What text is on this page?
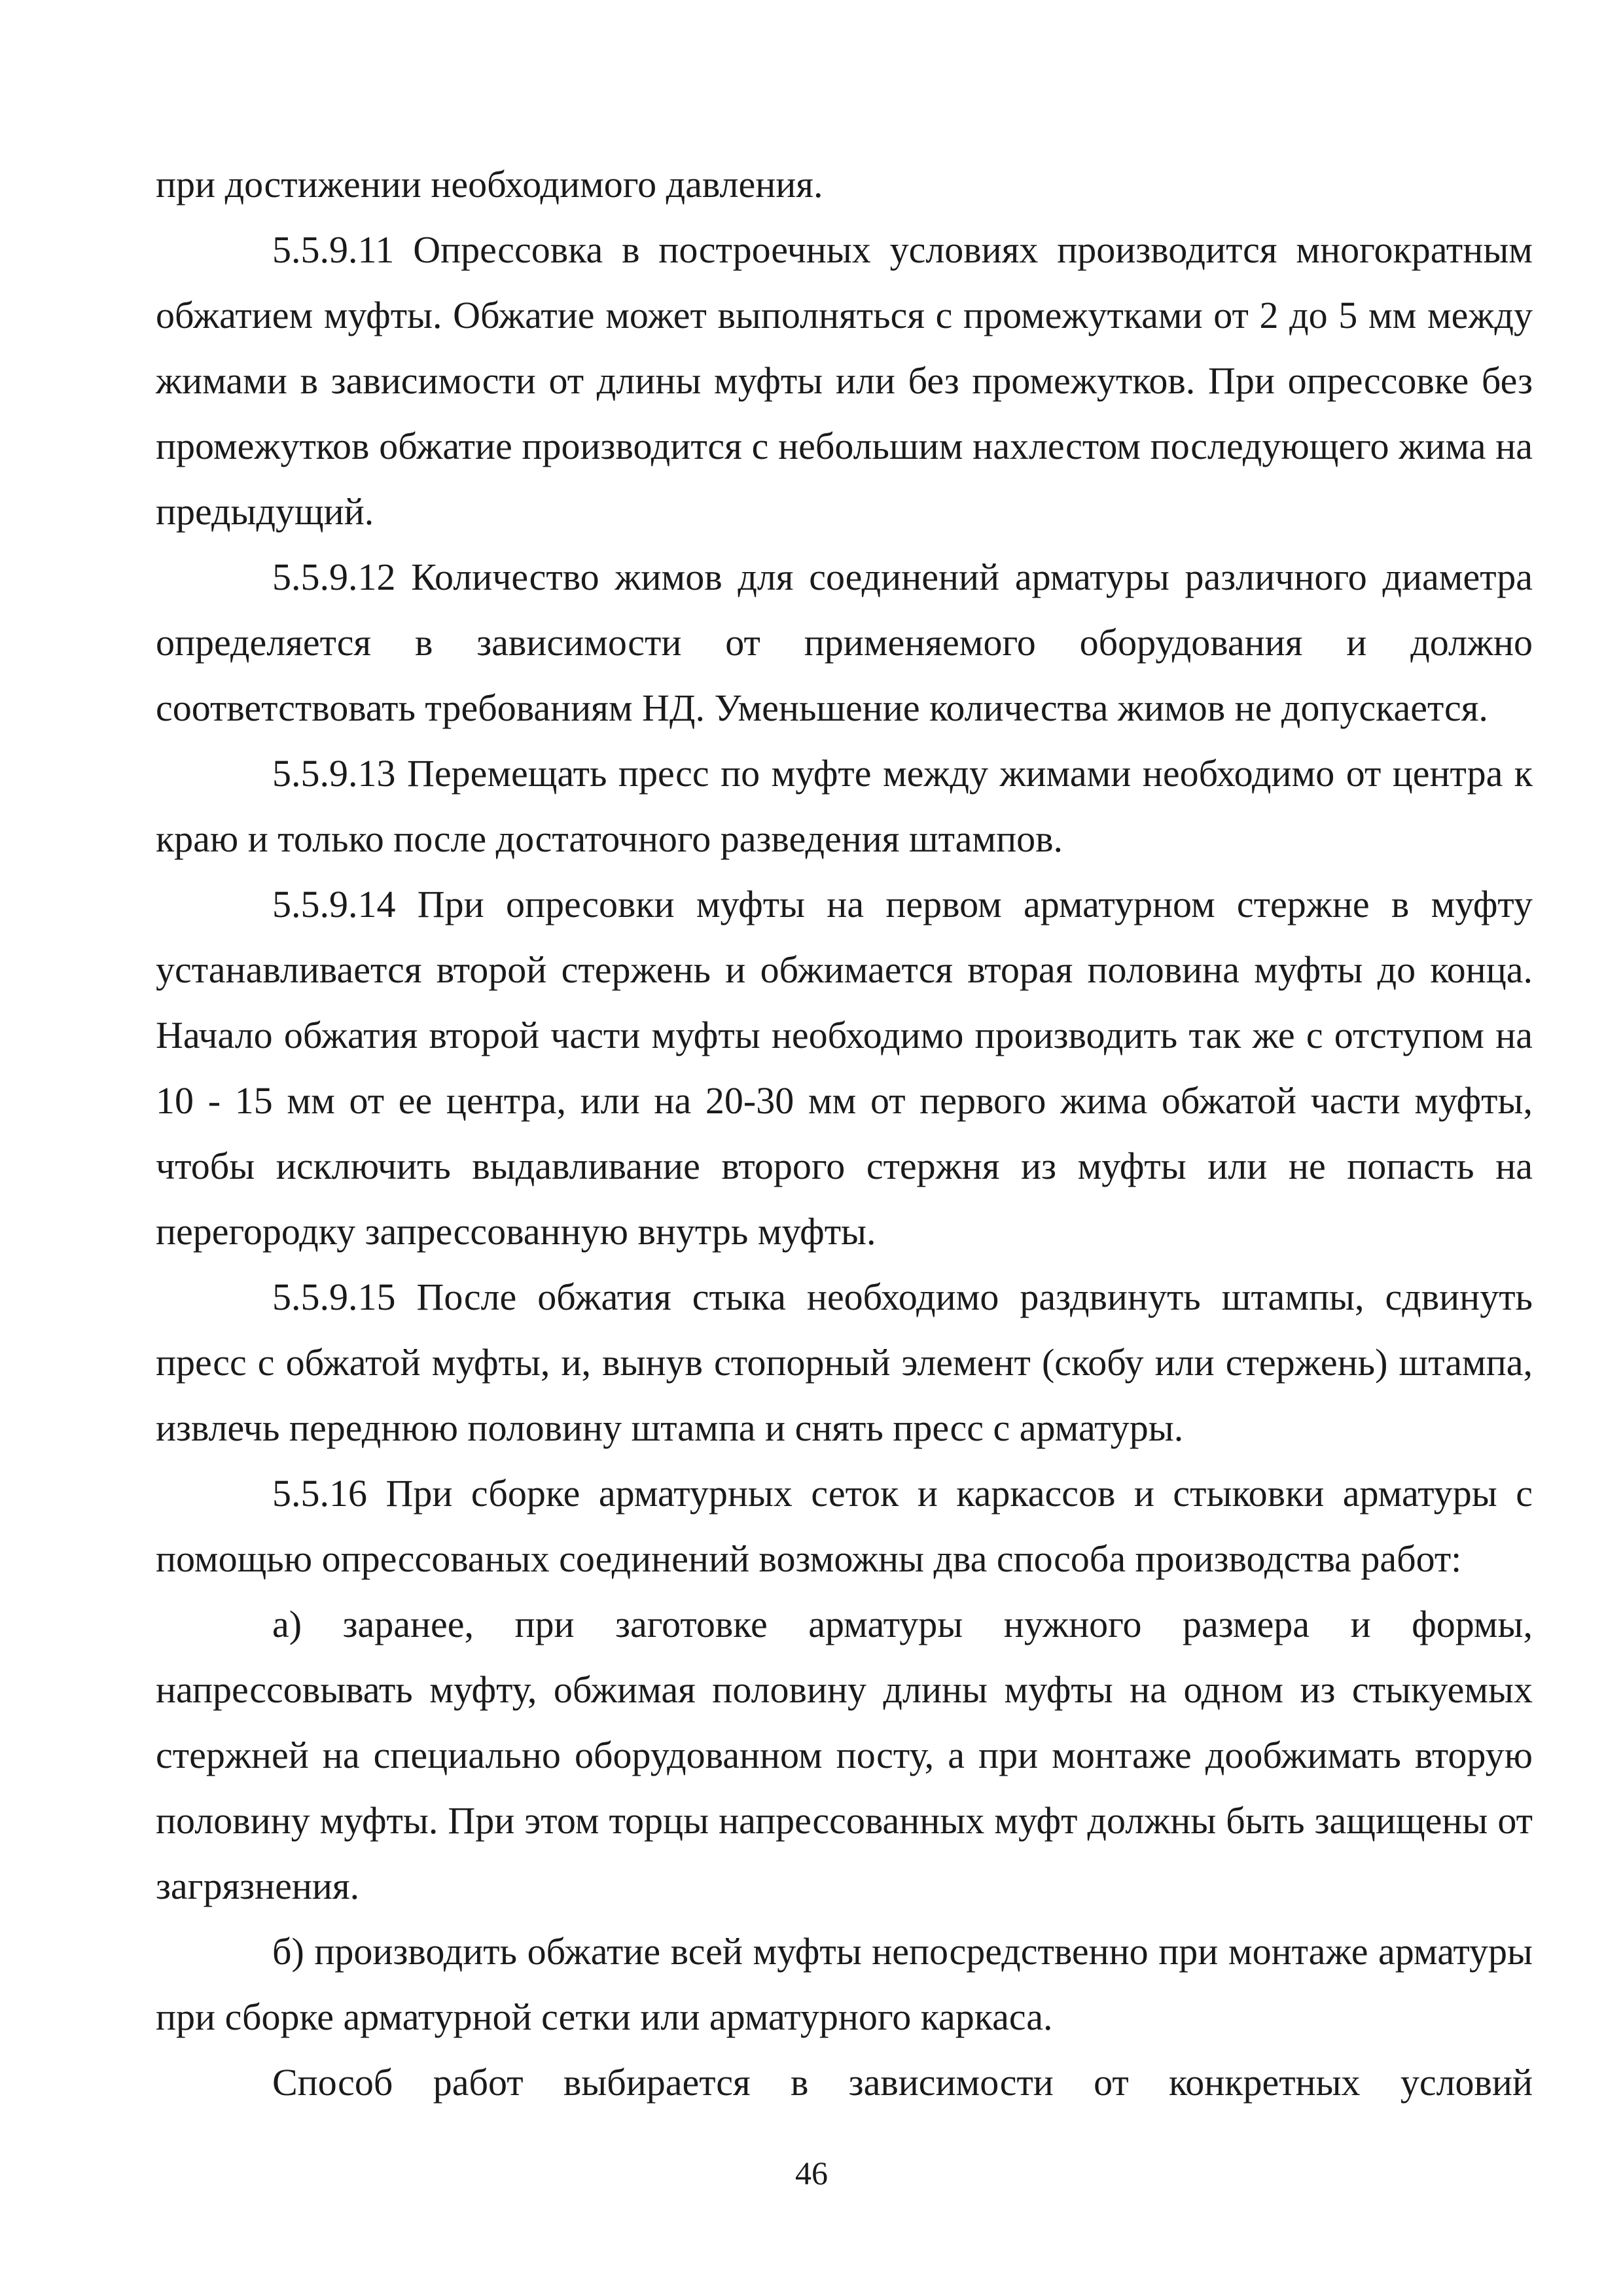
при достижении необходимого давления.

5.5.9.11 Опрессовка в построечных условиях производится многократным обжатием муфты. Обжатие может выполняться с промежутками от 2 до 5 мм между жимами в зависимости от длины муфты или без промежутков. При опрессовке без промежутков обжатие производится с небольшим нахлестом последующего жима на предыдущий.

5.5.9.12 Количество жимов для соединений арматуры различного диаметра определяется в зависимости от применяемого оборудования и должно соответствовать требованиям НД. Уменьшение количества жимов не допускается.

5.5.9.13 Перемещать пресс по муфте между жимами необходимо от центра к краю и только после достаточного разведения штампов.

5.5.9.14 При опресовки муфты на первом арматурном стержне в муфту устанавливается второй стержень и обжимается вторая половина муфты до конца. Начало обжатия второй части муфты необходимо производить так же с отступом на 10 - 15 мм от ее центра, или на 20-30 мм от первого жима обжатой части муфты, чтобы исключить выдавливание второго стержня из муфты или не попасть на перегородку запрессованную внутрь муфты.

5.5.9.15 После обжатия стыка необходимо раздвинуть штампы, сдвинуть пресс с обжатой муфты, и, вынув стопорный элемент (скобу или стержень) штампа, извлечь переднюю половину штампа и снять пресс с арматуры.

5.5.16 При сборке арматурных сеток и каркассов и стыковки арматуры с помощью опрессованых соединений возможны два способа производства работ:

а) заранее, при заготовке арматуры нужного размера и формы, напрессовывать муфту, обжимая половину длины муфты на одном из стыкуемых стержней на специально оборудованном посту, а при монтаже дообжимать вторую половину муфты. При этом торцы напрессованных муфт должны быть защищены от загрязнения.

б) производить обжатие всей муфты непосредственно при монтаже арматуры при сборке арматурной сетки или арматурного каркаса.

Способ работ выбирается в зависимости от конкретных условий

46
